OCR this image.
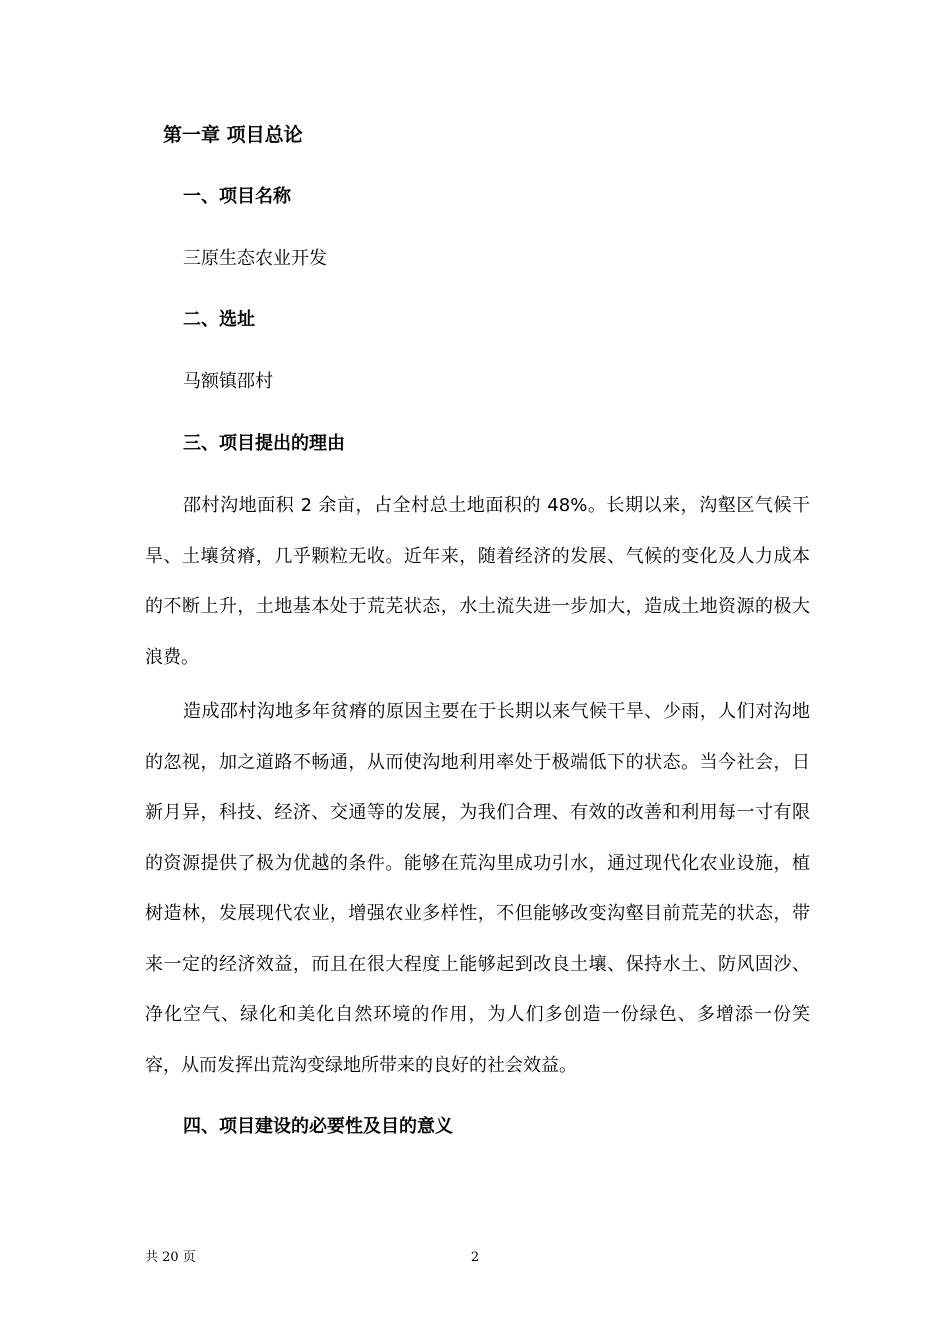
第一章 项目总论
一、项目名称
三原生态农业开发
二、选址
马额镇邵村
三、项目提出的理由

邵村沟地面积 2 余亩，占全村总土地面积的 48%。长期以来，沟壑区气候干旱、土壤贫瘠，几乎颗粒无收。近年来，随着经济的发展、气候的变化及人力成本的不断上升，土地基本处于荒芜状态，水土流失进一步加大，造成土地资源的极大浪费。

造成邵村沟地多年贫瘠的原因主要在于长期以来气候干旱、少雨，人们对沟地的忽视，加之道路不畅通，从而使沟地利用率处于极端低下的状态。当今社会，日新月异，科技、经济、交通等的发展，为我们合理、有效的改善和利用每一寸有限的资源提供了极为优越的条件。能够在荒沟里成功引水，通过现代化农业设施，植树造林，发展现代农业，增强农业多样性，不但能够改变沟壑目前荒芜的状态，带来一定的经济效益，而且在很大程度上能够起到改良土壤、保持水土、防风固沙、净化空气、绿化和美化自然环境的作用，为人们多创造一份绿色、多增添一份笑容，从而发挥出荒沟变绿地所带来的良好的社会效益。

四、项目建设的必要性及目的意义
共 20 页	2
